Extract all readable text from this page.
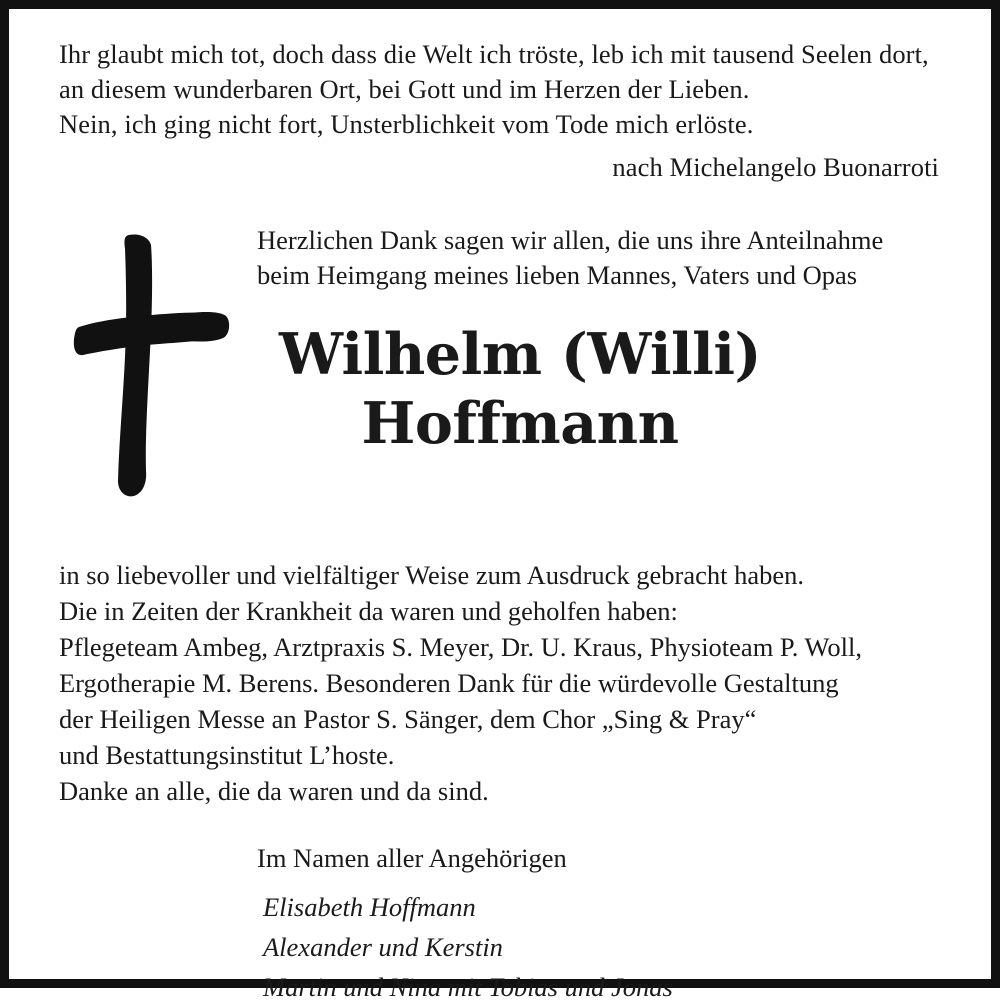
Ihr glaubt mich tot, doch dass die Welt ich tröste, leb ich mit tausend Seelen dort,
an diesem wunderbaren Ort, bei Gott und im Herzen der Lieben.
Nein, ich ging nicht fort, Unsterblichkeit vom Tode mich erlöste.
nach Michelangelo Buonarroti
Herzlichen Dank sagen wir allen, die uns ihre Anteilnahme
beim Heimgang meines lieben Mannes, Vaters und Opas
Wilhelm (Willi)
Hoffmann
in so liebevoller und vielfältiger Weise zum Ausdruck gebracht haben.
Die in Zeiten der Krankheit da waren und geholfen haben:
Pflegeteam Ambeg, Arztpraxis S. Meyer, Dr. U. Kraus, Physioteam P. Woll,
Ergotherapie M. Berens. Besonderen Dank für die würdevolle Gestaltung
der Heiligen Messe an Pastor S. Sänger, dem Chor „Sing & Pray“
und Bestattungsinstitut L’hoste.
Danke an alle, die da waren und da sind.
Im Namen aller Angehörigen
Elisabeth Hoffmann
Alexander und Kerstin
Martin und Nina mit Tobias und Jonas
